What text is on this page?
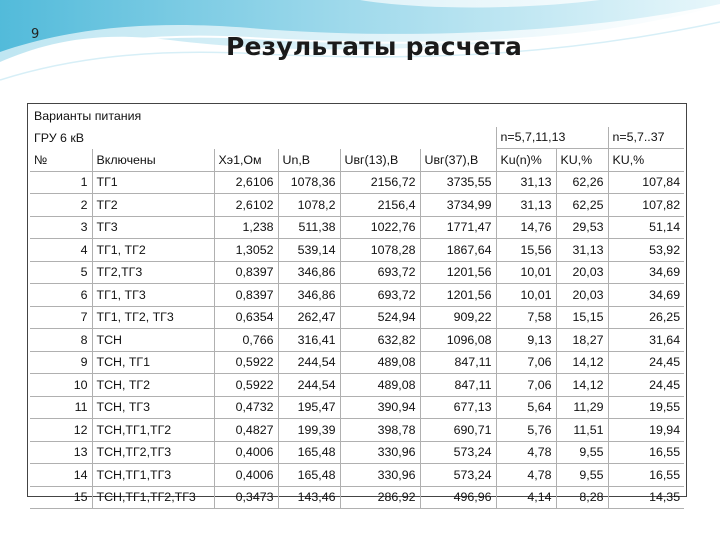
9	Результаты расчета
Варианты питания								
ГРУ 6 кВ						n=5,7,11,13		n=5,7..37
№	Включены	Xэ1,Ом	Un,B	Uвг(13),В	Uвг(37),В	Ku(n)%	KU,%	KU,%
1	ТГ1	2,6106	1078,36	2156,72	3735,55	31,13	62,26	107,84
2	ТГ2	2,6102	1078,2	2156,4	3734,99	31,13	62,25	107,82
3	ТГ3	1,238	511,38	1022,76	1771,47	14,76	29,53	51,14
4	ТГ1, ТГ2	1,3052	539,14	1078,28	1867,64	15,56	31,13	53,92
5	ТГ2,ТГ3	0,8397	346,86	693,72	1201,56	10,01	20,03	34,69
6	ТГ1, ТГ3	0,8397	346,86	693,72	1201,56	10,01	20,03	34,69
7	ТГ1, ТГ2, ТГ3	0,6354	262,47	524,94	909,22	7,58	15,15	26,25
8	ТСН	0,766	316,41	632,82	1096,08	9,13	18,27	31,64
9	ТСН, ТГ1	0,5922	244,54	489,08	847,11	7,06	14,12	24,45
10	ТСН, ТГ2	0,5922	244,54	489,08	847,11	7,06	14,12	24,45
11	ТСН, ТГ3	0,4732	195,47	390,94	677,13	5,64	11,29	19,55
12	ТСН,ТГ1,ТГ2	0,4827	199,39	398,78	690,71	5,76	11,51	19,94
13	ТСН,ТГ2,ТГ3	0,4006	165,48	330,96	573,24	4,78	9,55	16,55
14	ТСН,ТГ1,ТГ3	0,4006	165,48	330,96	573,24	4,78	9,55	16,55
15	ТСН,ТГ1,ТГ2,ТГ3	0,3473	143,46	286,92	496,96	4,14	8,28	14,35
